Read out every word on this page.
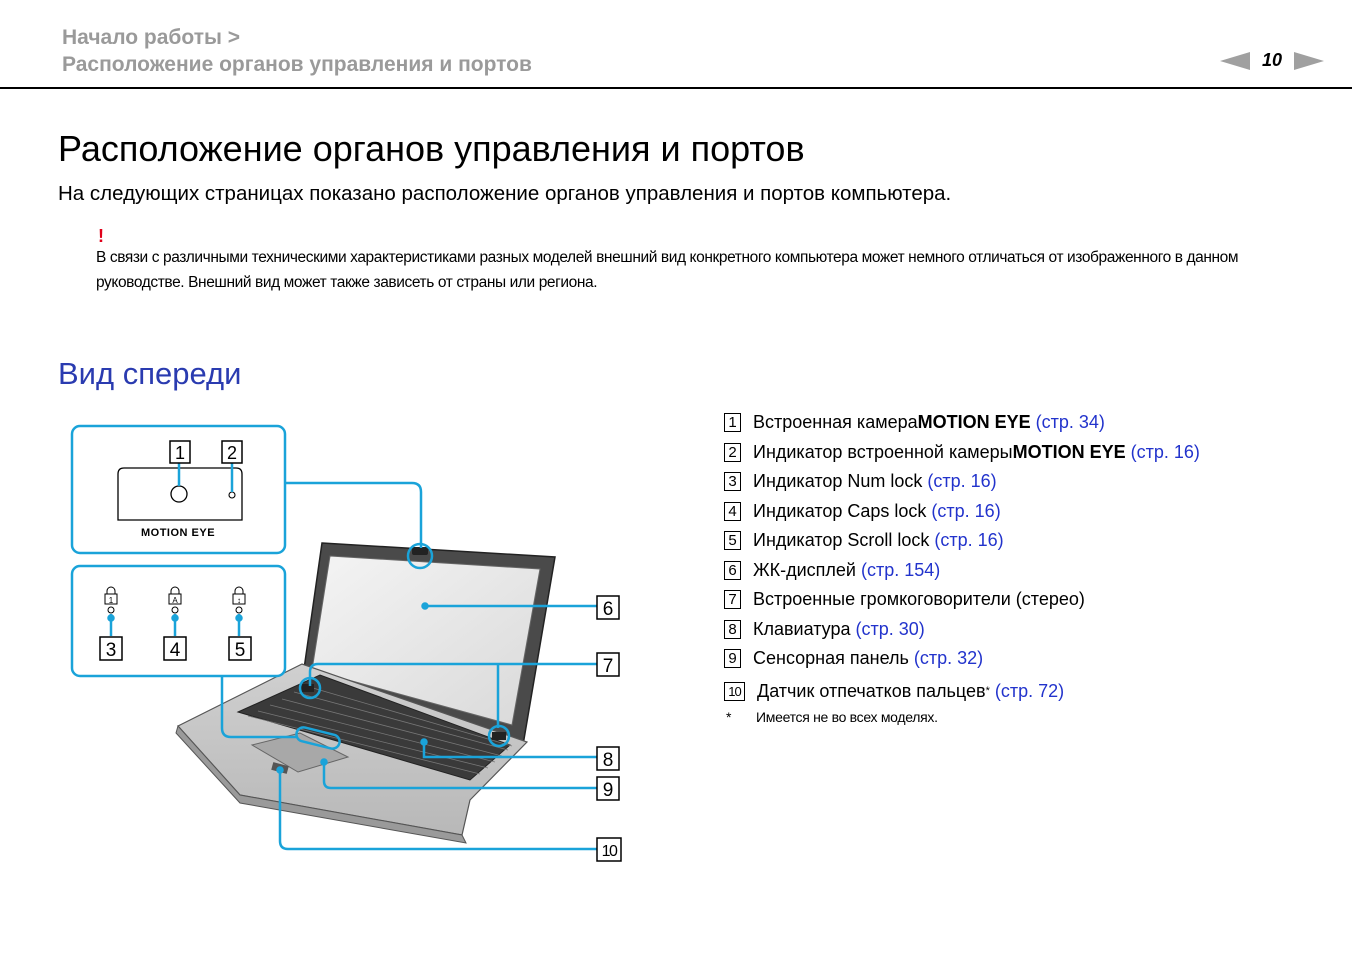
Начало работы >
Расположение органов управления и портов	10
Расположение органов управления и портов
На следующих страницах показано расположение органов управления и портов компьютера.
!
В связи с различными техническими характеристиками разных моделей внешний вид конкретного компьютера может немного отличаться от изображенного в данном руководстве. Внешний вид может также зависеть от страны или региона.
Вид спереди
MOTION EYE
1	A	↕
1 2
3	4	5
6
7
8
9
10
1 Встроенная камера MOTION EYE (стр. 34)
2 Индикатор встроенной камеры MOTION EYE (стр. 16)
3 Индикатор Num lock (стр. 16)
4 Индикатор Caps lock (стр. 16)
5 Индикатор Scroll lock (стр. 16)
6 ЖК-дисплей (стр. 154)
7 Встроенные громкоговорители (стерео)
8 Клавиатура (стр. 30)
9 Сенсорная панель (стр. 32)
10 Датчик отпечатков пальцев * (стр. 72)
*	Имеется не во всех моделях.
